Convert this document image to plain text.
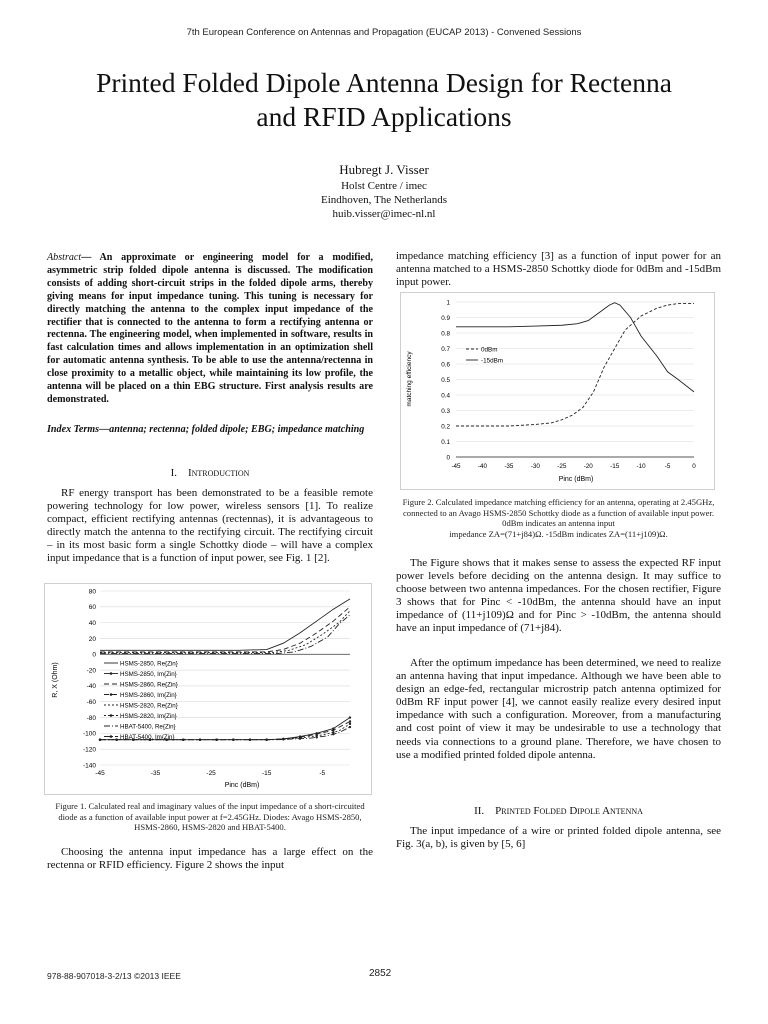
7th European Conference on Antennas and Propagation (EUCAP 2013) - Convened Sessions
Printed Folded Dipole Antenna Design for Rectenna
and RFID Applications
Hubregt J. Visser
Holst Centre / imec
Eindhoven, The Netherlands
huib.visser@imec-nl.nl
Abstract— An approximate or engineering model for a modified, asymmetric strip folded dipole antenna is discussed. The modification consists of adding short-circuit strips in the folded dipole arms, thereby giving means for input impedance tuning. This tuning is necessary for directly matching the antenna to the complex input impedance of the rectifier that is connected to the antenna to form a rectifying antenna or rectenna. The engineering model, when implemented in software, results in fast calculation times and allows implementation in an optimization shell for automatic antenna synthesis. To be able to use the antenna/rectenna in close proximity to a metallic object, while maintaining its low profile, the antenna will be placed on a thin EBG structure. First analysis results are demonstrated.
Index Terms—antenna; rectenna; folded dipole; EBG; impedance matching
I. Introduction

RF energy transport has been demonstrated to be a feasible remote powering technology for low power, wireless sensors [1]. To realize compact, efficient rectifying antennas (rectennas), it is advantageous to directly match the antenna to the rectifying circuit. The rectifying circuit – in its most basic form a single Schottky diode – will have a complex input impedance that is a function of input power, see Fig. 1 [2].

80
60
40
20
0
-20
-40
-60
-80
-100
-120
-140
-45	-35	-25	-15	-5
HSMS-2850, Re{Zin}
HSMS-2850, Im{Zin}
HSMS-2860, Re{Zin}
HSMS-2860, Im{Zin}
HSMS-2820, Re{Zin}
HSMS-2820, Im{Zin}
HBAT-5400, Re{Zin}
HBAT-5400, Im{Zin}
Pinc (dBm)
R, X (Ohm)
Figure 1. Calculated real and imaginary values of the input impedance of a short-circuited diode as a function of available input power at f=2.45GHz. Diodes: Avago HSMS-2850, HSMS-2860, HSMS-2820 and HBAT-5400.

Choosing the antenna input impedance has a large effect on the rectenna or RFID efficiency. Figure 2 shows the input

impedance matching efficiency [3] as a function of input power for an antenna matched to a HSMS-2850 Schottky diode for 0dBm and -15dBm input power.

0
0.1
0.2
0.3
0.4
0.5
0.6
0.7
0.8
0.9
1
-45	-40	-35	-30	-25	-20	-15	-10	-5	0
0dBm
-15dBm
Pinc (dBm)
matching efficiency
Figure 2. Calculated impedance matching efficiency for an antenna, operating at 2.45GHz, connected to an Avago HSMS-2850 Schottky diode as a function of available input power. 0dBm indicates an antenna input
impedance ZA=(71+j84)Ω. -15dBm indicates ZA=(11+j109)Ω.

The Figure shows that it makes sense to assess the expected RF input power levels before deciding on the antenna design. It may suffice to choose between two antenna impedances. For the chosen rectifier, Figure 3 shows that for Pinc < -10dBm, the antenna should have an input impedance of (11+j109)Ω and for Pinc > -10dBm, the antenna should have an input impedance of (71+j84).

After the optimum impedance has been determined, we need to realize an antenna having that input impedance. Although we have been able to design an edge-fed, rectangular microstrip patch antenna optimized for 0dBm RF input power [4], we cannot easily realize every desired input impedance with such a configuration. Moreover, from a manufacturing and cost point of view it may be undesirable to use a technology that needs via connections to a ground plane. Therefore, we have chosen to use a modified printed folded dipole antenna.

II. Printed Folded Dipole Antenna

The input impedance of a wire or printed folded dipole antenna, see Fig. 3(a, b), is given by [5, 6]

978-88-907018-3-2/13 ©2013 IEEE	2852
